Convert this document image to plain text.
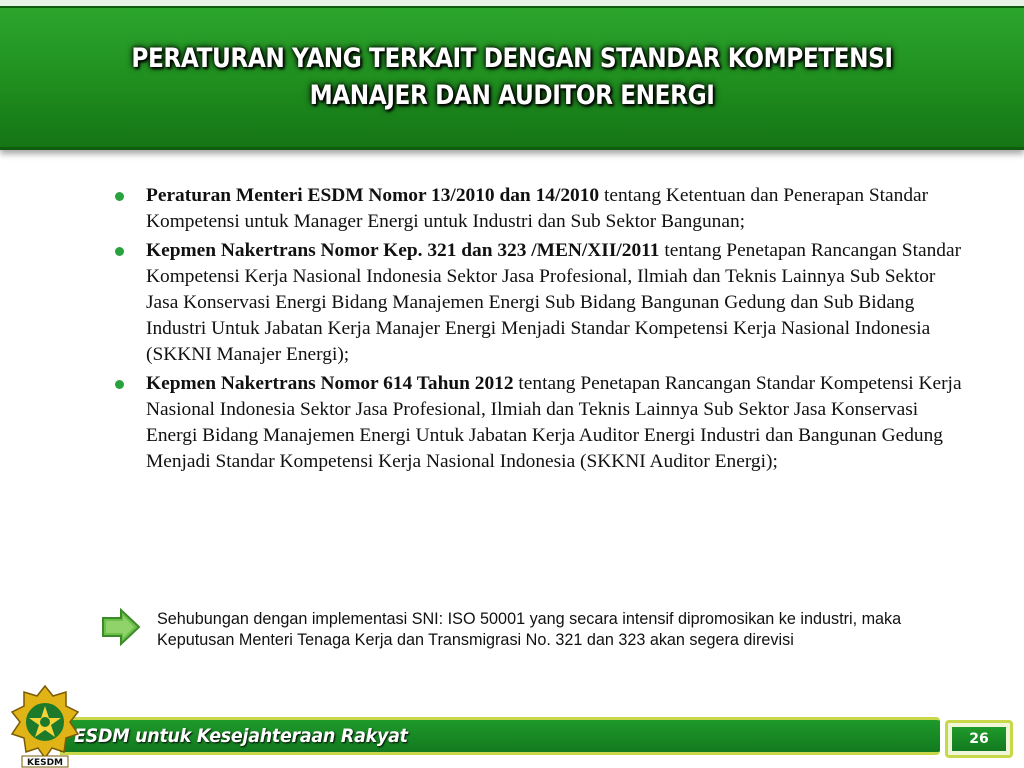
PERATURAN YANG TERKAIT DENGAN STANDAR KOMPETENSI
MANAJER DAN AUDITOR ENERGI
Peraturan Menteri ESDM Nomor 13/2010 dan 14/2010 tentang Ketentuan dan Penerapan Standar Kompetensi untuk Manager Energi untuk Industri dan Sub Sektor Bangunan;
Kepmen Nakertrans Nomor Kep. 321 dan 323 /MEN/XII/2011 tentang Penetapan Rancangan Standar Kompetensi Kerja Nasional Indonesia Sektor Jasa Profesional, Ilmiah dan Teknis Lainnya Sub Sektor Jasa Konservasi Energi Bidang Manajemen Energi Sub Bidang Bangunan Gedung dan Sub Bidang Industri Untuk Jabatan Kerja Manajer Energi Menjadi Standar Kompetensi Kerja Nasional Indonesia (SKKNI Manajer Energi);
Kepmen Nakertrans Nomor 614 Tahun 2012 tentang Penetapan Rancangan Standar Kompetensi Kerja Nasional Indonesia Sektor Jasa Profesional, Ilmiah dan Teknis Lainnya Sub Sektor Jasa Konservasi Energi Bidang Manajemen Energi Untuk Jabatan Kerja Auditor Energi Industri dan Bangunan Gedung Menjadi Standar Kompetensi Kerja Nasional Indonesia (SKKNI Auditor Energi);
Sehubungan dengan implementasi SNI: ISO 50001 yang secara intensif dipromosikan ke industri, maka Keputusan Menteri Tenaga Kerja dan Transmigrasi No. 321 dan 323 akan segera direvisi
ESDM untuk Kesejahteraan Rakyat	26
KESDM
